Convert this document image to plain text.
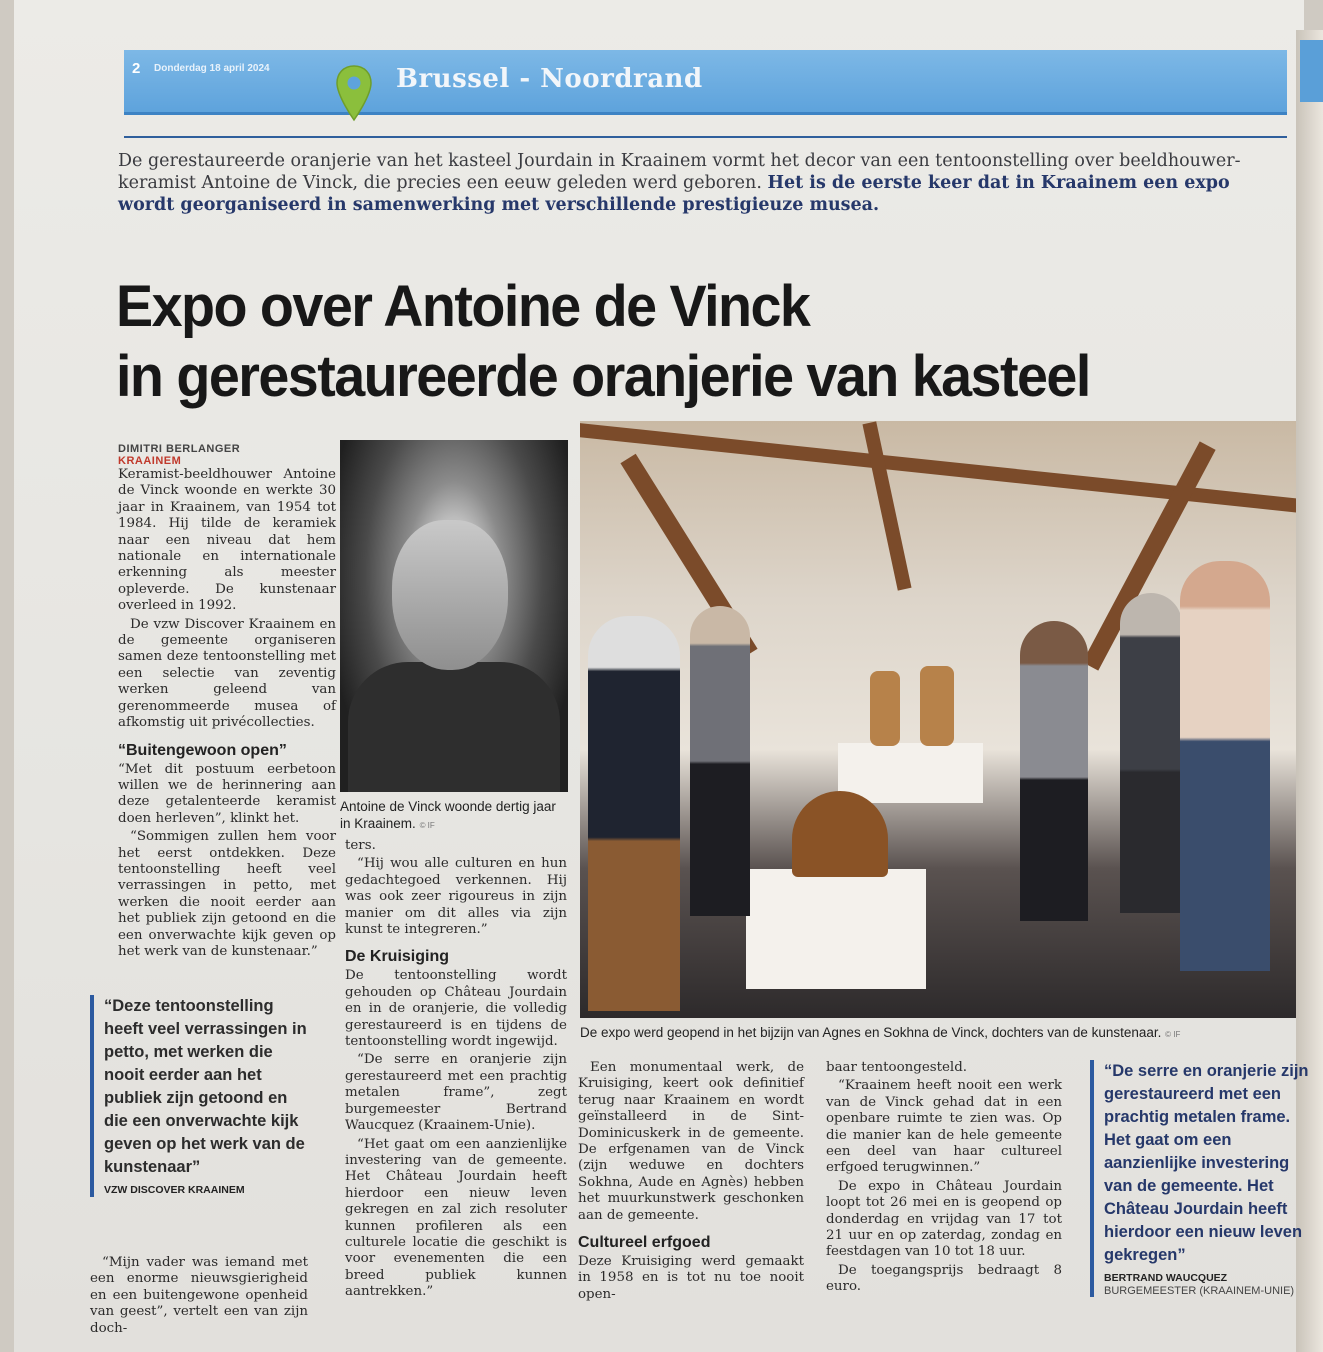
2 Donderdag 18 april 2024	Brussel - Noordrand
De gerestaureerde oranjerie van het kasteel Jourdain in Kraainem vormt het decor van een tentoonstelling over beeldhouwer-keramist Antoine de Vinck, die precies een eeuw geleden werd geboren. Het is de eerste keer dat in Kraainem een expo wordt georganiseerd in samenwerking met verschillende prestigieuze musea.
Expo over Antoine de Vinck
in gerestaureerde oranjerie van kasteel
DIMITRI BERLANGER
KRAAINEM

Keramist-beeldhouwer Antoine de Vinck woonde en werkte 30 jaar in Kraainem, van 1954 tot 1984. Hij tilde de keramiek naar een niveau dat hem nationale en internationale erkenning als meester opleverde. De kunstenaar overleed in 1992.

De vzw Discover Kraainem en de gemeente organiseren samen deze tentoonstelling met een selectie van zeventig werken geleend van gerenommeerde musea of afkomstig uit privécollecties.

“Buitengewoon open”

“Met dit postuum eerbetoon willen we de herinnering aan deze getalenteerde keramist doen herleven”, klinkt het.

“Sommigen zullen hem voor het eerst ontdekken. Deze tentoonstelling heeft veel verrassingen in petto, met werken die nooit eerder aan het publiek zijn getoond en die een onverwachte kijk geven op het werk van de kunstenaar.”

“Deze tentoonstelling heeft veel verrassingen in petto, met werken die nooit eerder aan het publiek zijn getoond en die een onverwachte kijk geven op het werk van de kunstenaar”
VZW DISCOVER KRAAINEM

“Mijn vader was iemand met een enorme nieuwsgierigheid en een buitengewone openheid van geest”, vertelt een van zijn doch-

Antoine de Vinck woonde dertig jaar in Kraainem. © IF

ters.

“Hij wou alle culturen en hun gedachtegoed verkennen. Hij was ook zeer rigoureus in zijn manier om dit alles via zijn kunst te integreren.”

De Kruisiging

De tentoonstelling wordt gehouden op Château Jourdain en in de oranjerie, die volledig gerestaureerd is en tijdens de tentoonstelling wordt ingewijd.

“De serre en oranjerie zijn gerestaureerd met een prachtig metalen frame”, zegt burgemeester Bertrand Waucquez (Kraainem-Unie).

“Het gaat om een aanzienlijke investering van de gemeente. Het Château Jourdain heeft hierdoor een nieuw leven gekregen en zal zich resoluter kunnen profileren als een culturele locatie die geschikt is voor evenementen die een breed publiek kunnen aantrekken.”

De expo werd geopend in het bijzijn van Agnes en Sokhna de Vinck, dochters van de kunstenaar. © IF

Een monumentaal werk, de Kruisiging, keert ook definitief terug naar Kraainem en wordt geïnstalleerd in de Sint-Dominicuskerk in de gemeente. De erfgenamen van de Vinck (zijn weduwe en dochters Sokhna, Aude en Agnès) hebben het muurkunstwerk geschonken aan de gemeente.

Cultureel erfgoed

Deze Kruisiging werd gemaakt in 1958 en is tot nu toe nooit open-

baar tentoongesteld.

“Kraainem heeft nooit een werk van de Vinck gehad dat in een openbare ruimte te zien was. Op die manier kan de hele gemeente een deel van haar cultureel erfgoed terugwinnen.”

De expo in Château Jourdain loopt tot 26 mei en is geopend op donderdag en vrijdag van 17 tot 21 uur en op zaterdag, zondag en feestdagen van 10 tot 18 uur.

De toegangsprijs bedraagt 8 euro.

“De serre en oranjerie zijn gerestaureerd met een prachtig metalen frame. Het gaat om een aanzienlijke investering van de gemeente. Het Château Jourdain heeft hierdoor een nieuw leven gekregen”
BERTRAND WAUCQUEZ
BURGEMEESTER (KRAAINEM-UNIE)
